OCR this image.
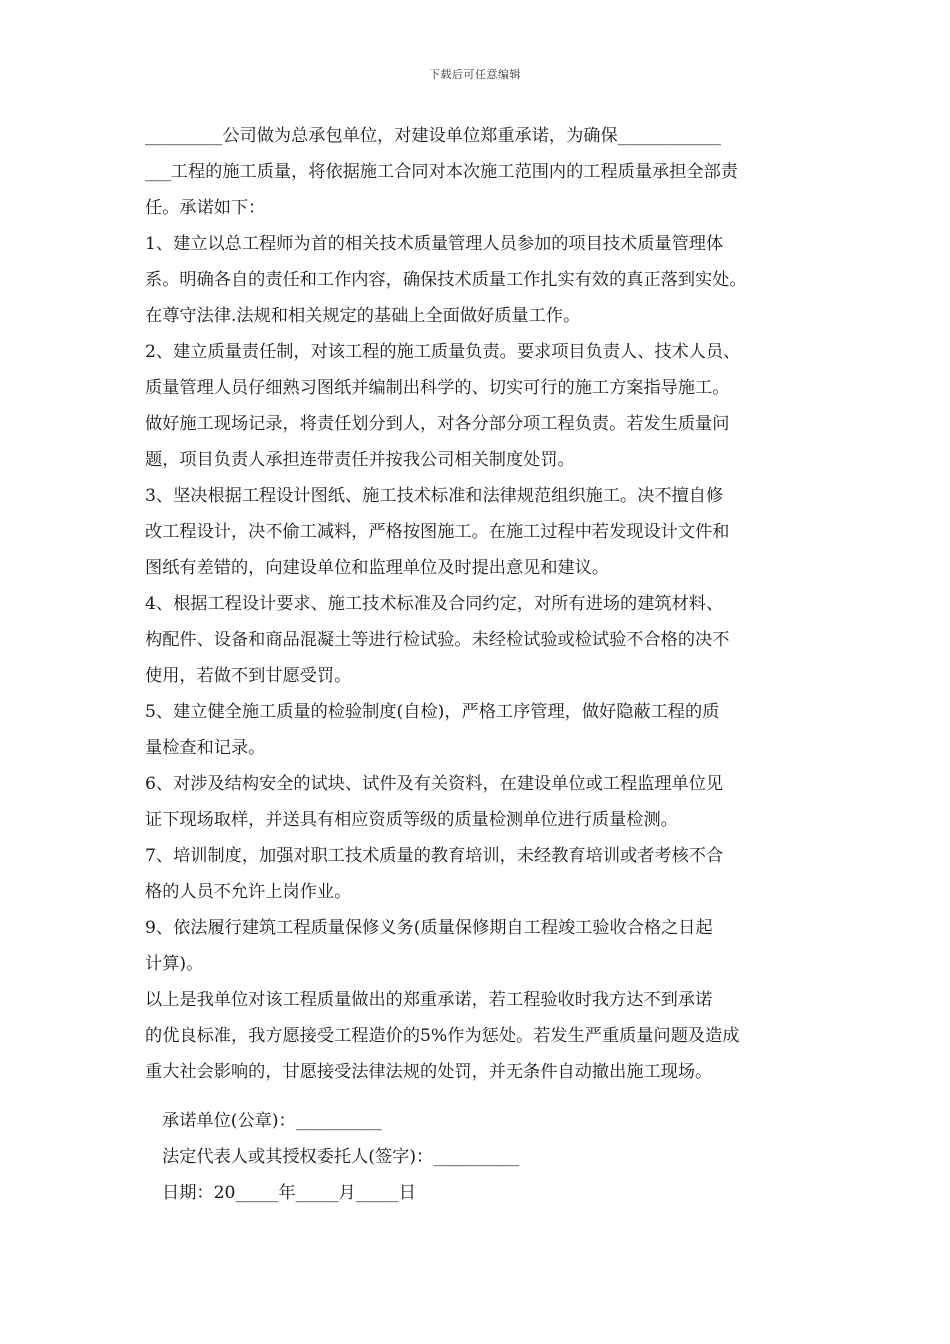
下载后可任意编辑
_________公司做为总承包单位，对建设单位郑重承诺，为确保____________
___工程的施工质量，将依据施工合同对本次施工范围内的工程质量承担全部责
任。承诺如下：
1、建立以总工程师为首的相关技术质量管理人员参加的项目技术质量管理体
系。明确各自的责任和工作内容，确保技术质量工作扎实有效的真正落到实处。
在尊守法律.法规和相关规定的基础上全面做好质量工作。
2、建立质量责任制，对该工程的施工质量负责。要求项目负责人、技术人员、
质量管理人员仔细熟习图纸并编制出科学的、切实可行的施工方案指导施工。
做好施工现场记录，将责任划分到人，对各分部分项工程负责。若发生质量问
题，项目负责人承担连带责任并按我公司相关制度处罚。
3、坚决根据工程设计图纸、施工技术标准和法律规范组织施工。决不擅自修
改工程设计，决不偷工减料，严格按图施工。在施工过程中若发现设计文件和
图纸有差错的，向建设单位和监理单位及时提出意见和建议。
4、根据工程设计要求、施工技术标准及合同约定，对所有进场的建筑材料、
构配件、设备和商品混凝土等进行检试验。未经检试验或检试验不合格的决不
使用，若做不到甘愿受罚。
5、建立健全施工质量的检验制度(自检)，严格工序管理，做好隐蔽工程的质
量检查和记录。
6、对涉及结构安全的试块、试件及有关资料，在建设单位或工程监理单位见
证下现场取样，并送具有相应资质等级的质量检测单位进行质量检测。
7、培训制度，加强对职工技术质量的教育培训，未经教育培训或者考核不合
格的人员不允许上岗作业。
9、依法履行建筑工程质量保修义务(质量保修期自工程竣工验收合格之日起
计算)。
以上是我单位对该工程质量做出的郑重承诺，若工程验收时我方达不到承诺
的优良标准，我方愿接受工程造价的5%作为惩处。若发生严重质量问题及造成
重大社会影响的，甘愿接受法律法规的处罚，并无条件自动撤出施工现场。
承诺单位(公章)：__________
法定代表人或其授权委托人(签字)：__________
日期：20_____年_____月_____日
